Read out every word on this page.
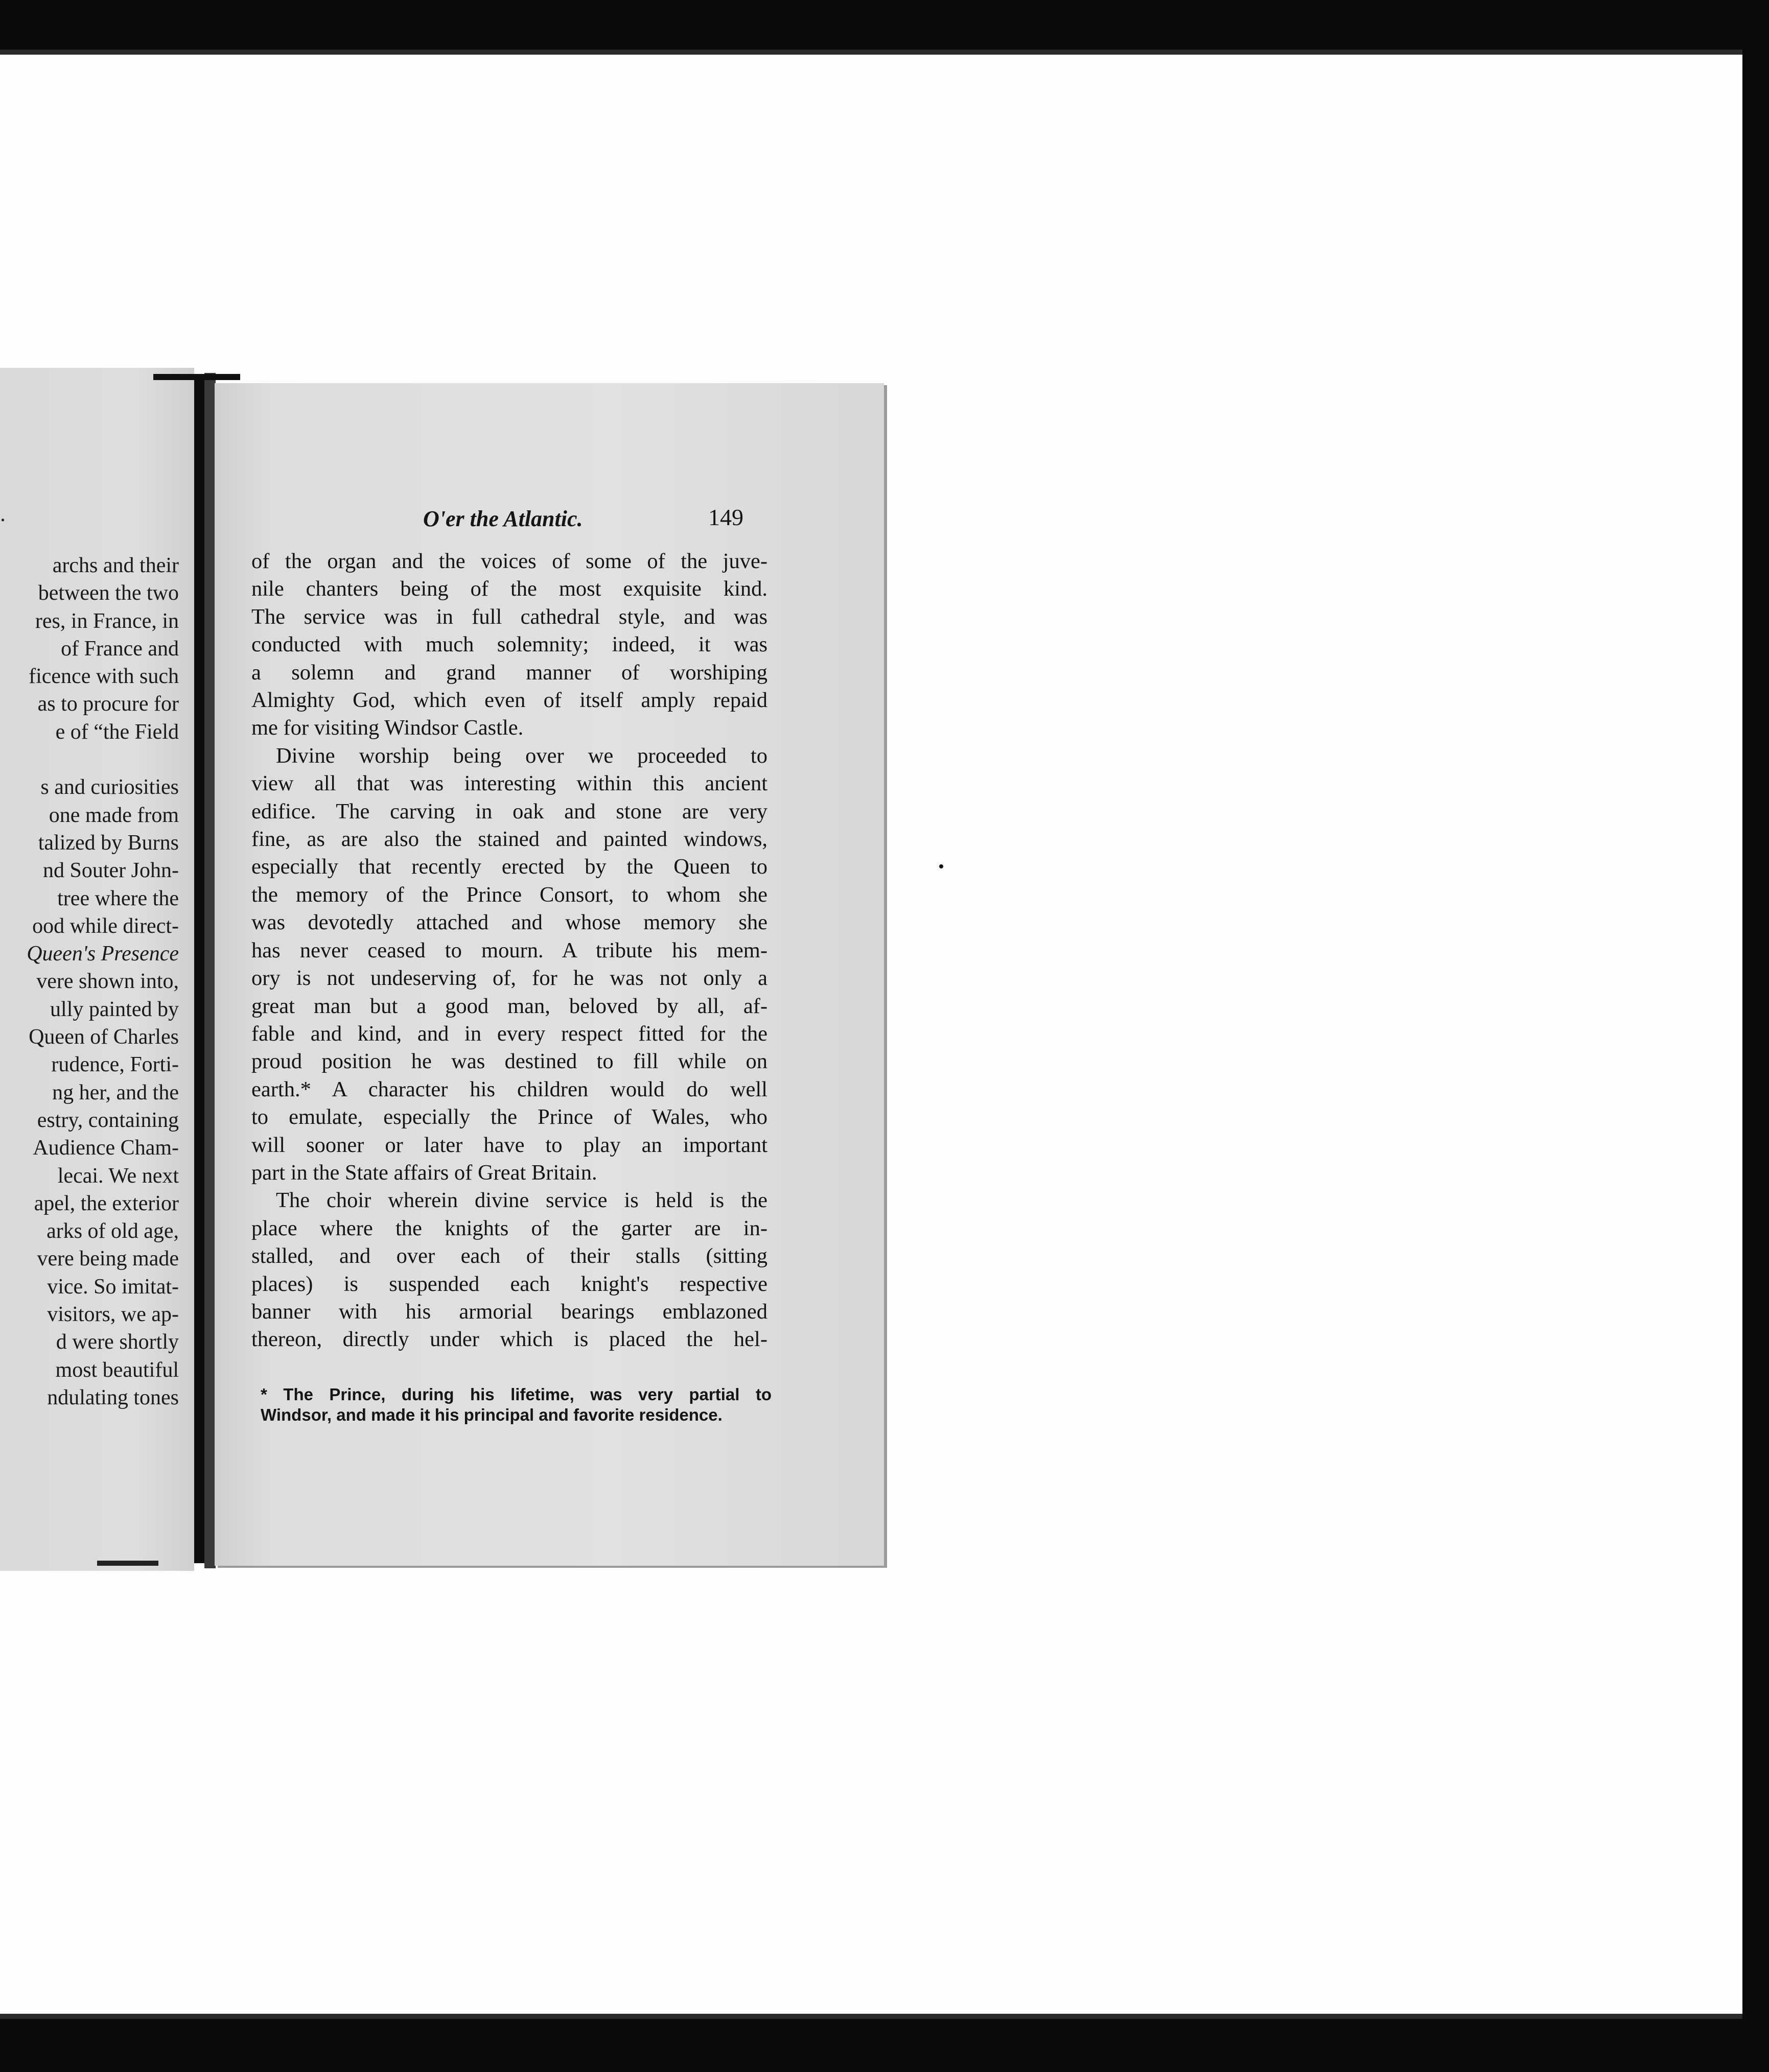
.
archs and their
between the two
res, in France, in
of France and
ficence with such
as to procure for
e of “the Field

s and curiosities
one made from
talized by Burns
nd Souter John-
tree where the
ood while direct-
Queen's Presence
vere shown into,
ully painted by
Queen of Charles
rudence, Forti-
ng her, and the
estry, containing
Audience Cham-
lecai. We next
apel, the exterior
arks of old age,
vere being made
vice. So imitat-
visitors, we ap-
d were shortly
most beautiful
ndulating tones
O'er the Atlantic.	149
of the organ and the voices of some of the juve-
nile chanters being of the most exquisite kind.
The service was in full cathedral style, and was
conducted with much solemnity; indeed, it was
a solemn and grand manner of worshiping
Almighty God, which even of itself amply repaid
me for visiting Windsor Castle.
Divine worship being over we proceeded to
view all that was interesting within this ancient
edifice. The carving in oak and stone are very
fine, as are also the stained and painted windows,
especially that recently erected by the Queen to
the memory of the Prince Consort, to whom she
was devotedly attached and whose memory she
has never ceased to mourn. A tribute his mem-
ory is not undeserving of, for he was not only a
great man but a good man, beloved by all, af-
fable and kind, and in every respect fitted for the
proud position he was destined to fill while on
earth.* A character his children would do well
to emulate, especially the Prince of Wales, who
will sooner or later have to play an important
part in the State affairs of Great Britain.
The choir wherein divine service is held is the
place where the knights of the garter are in-
stalled, and over each of their stalls (sitting
places) is suspended each knight's respective
banner with his armorial bearings emblazoned
thereon, directly under which is placed the hel-
* The Prince, during his lifetime, was very partial to
Windsor, and made it his principal and favorite residence.
